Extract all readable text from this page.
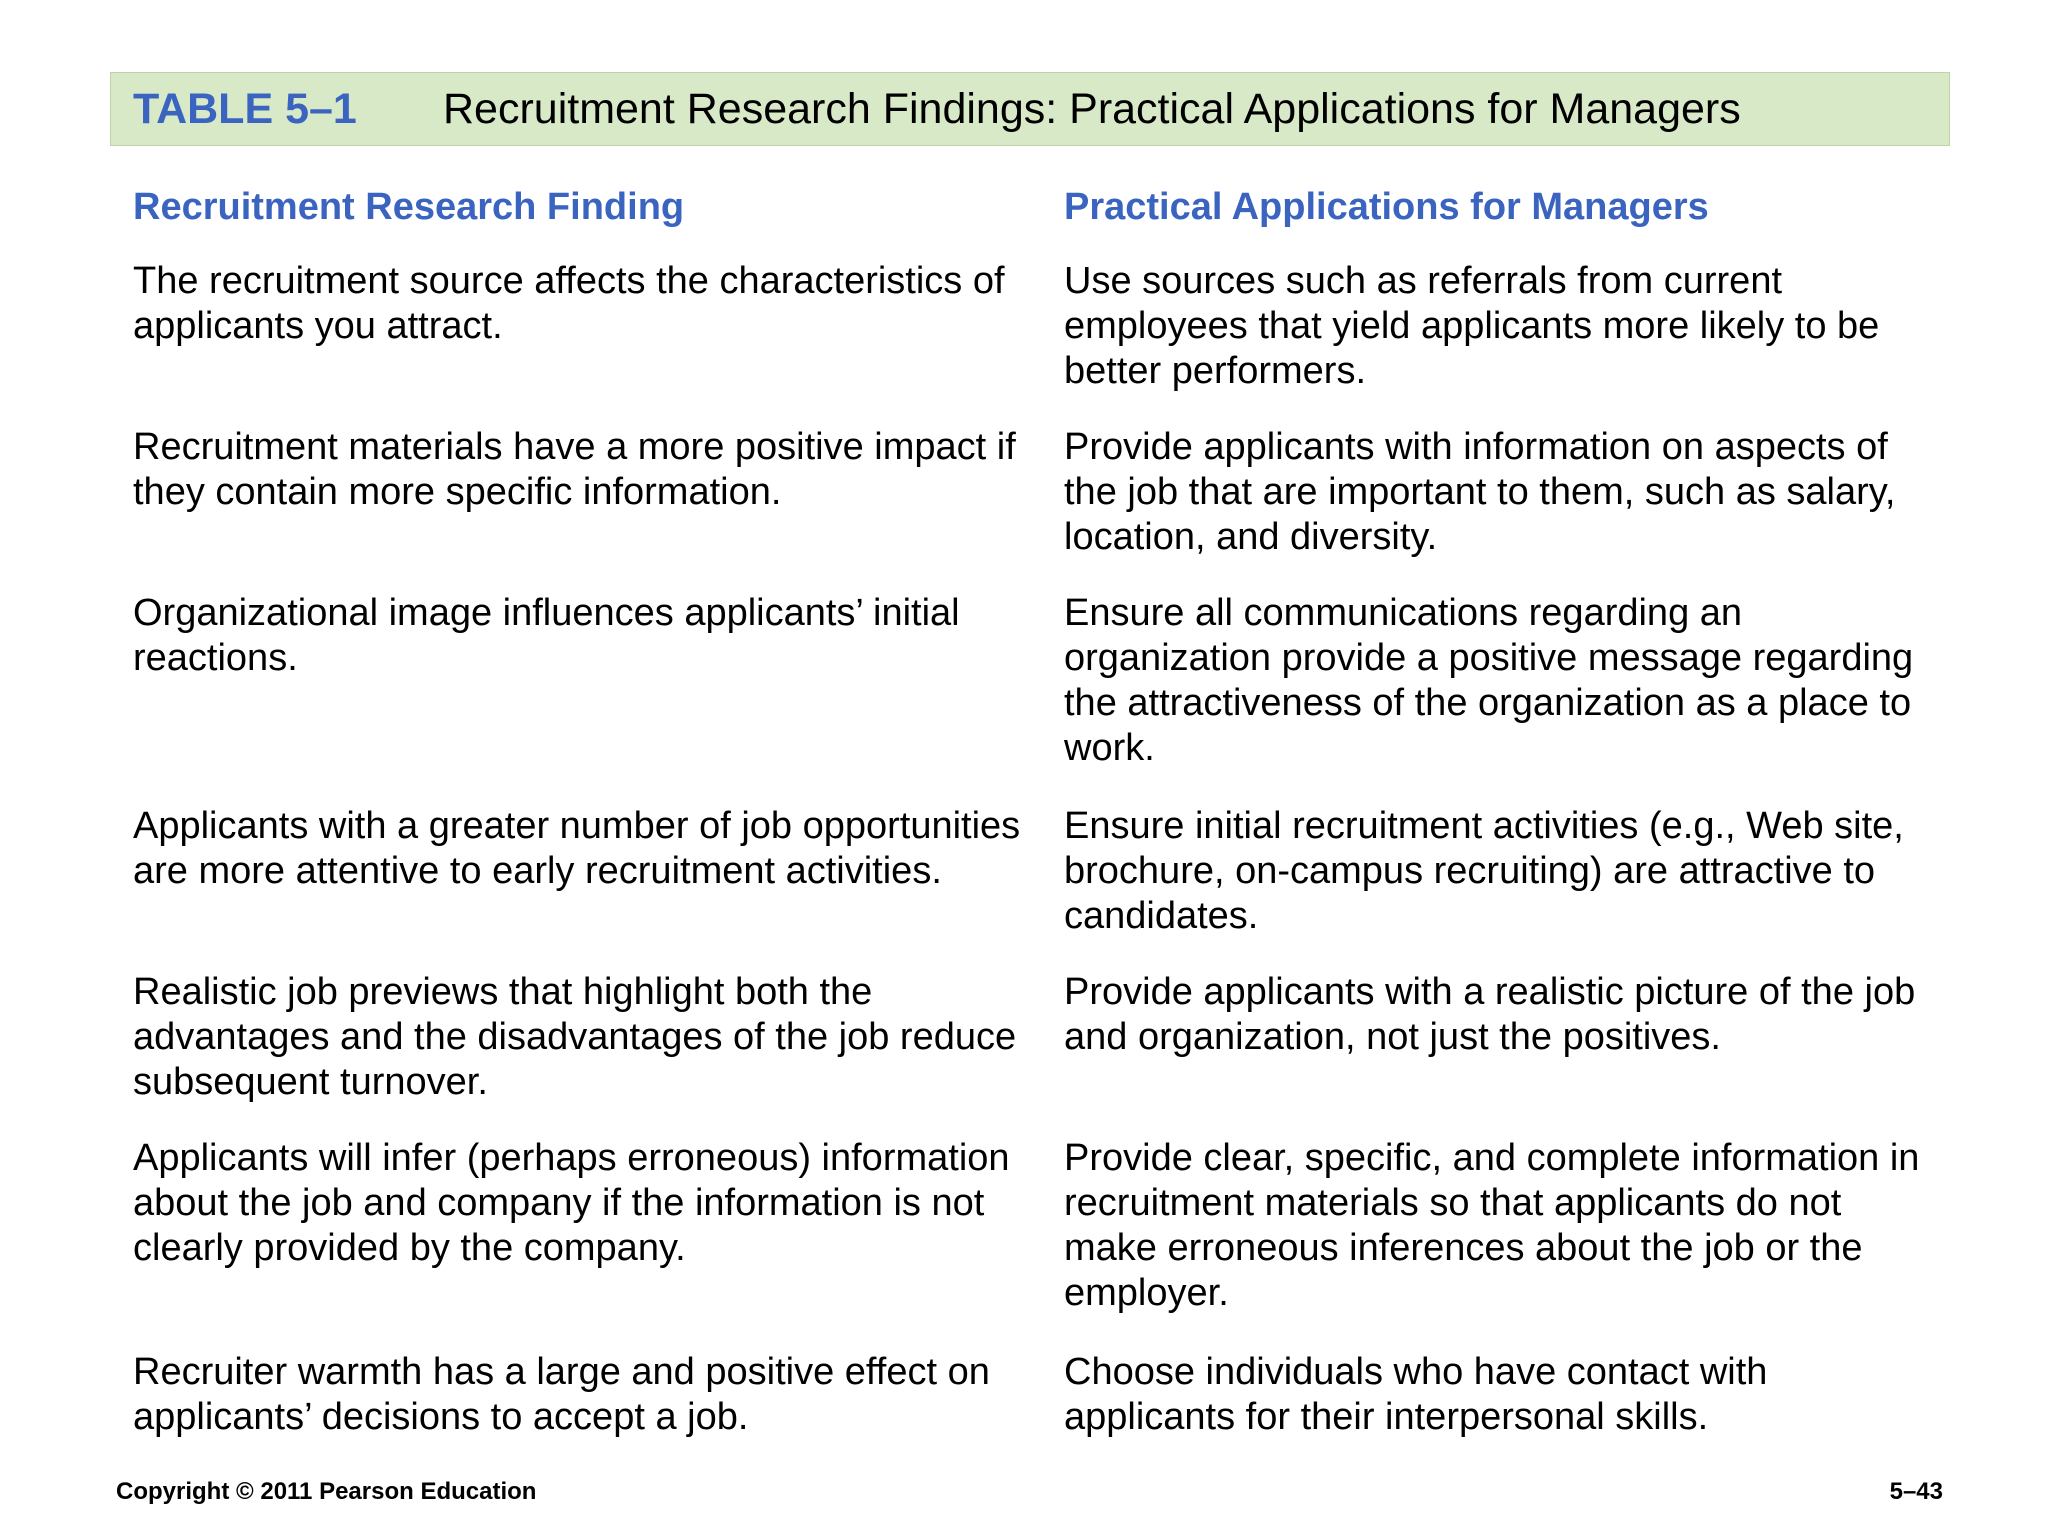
TABLE 5–1 Recruitment Research Findings: Practical Applications for Managers
Recruitment Research Finding	Practical Applications for Managers
The recruitment source affects the characteristics of applicants you attract.
Use sources such as referrals from current employees that yield applicants more likely to be better performers.
Recruitment materials have a more positive impact if they contain more specific information.
Provide applicants with information on aspects of the job that are important to them, such as salary, location, and diversity.
Organizational image influences applicants’ initial reactions.
Ensure all communications regarding an organization provide a positive message regarding the attractiveness of the organization as a place to work.
Applicants with a greater number of job opportunities are more attentive to early recruitment activities.
Ensure initial recruitment activities (e.g., Web site, brochure, on-campus recruiting) are attractive to candidates.
Realistic job previews that highlight both the advantages and the disadvantages of the job reduce subsequent turnover.
Provide applicants with a realistic picture of the job and organization, not just the positives.
Applicants will infer (perhaps erroneous) information about the job and company if the information is not clearly provided by the company.
Provide clear, specific, and complete information in recruitment materials so that applicants do not make erroneous inferences about the job or the employer.
Recruiter warmth has a large and positive effect on applicants’ decisions to accept a job.
Choose individuals who have contact with applicants for their interpersonal skills.
Copyright © 2011 Pearson Education	5–43
